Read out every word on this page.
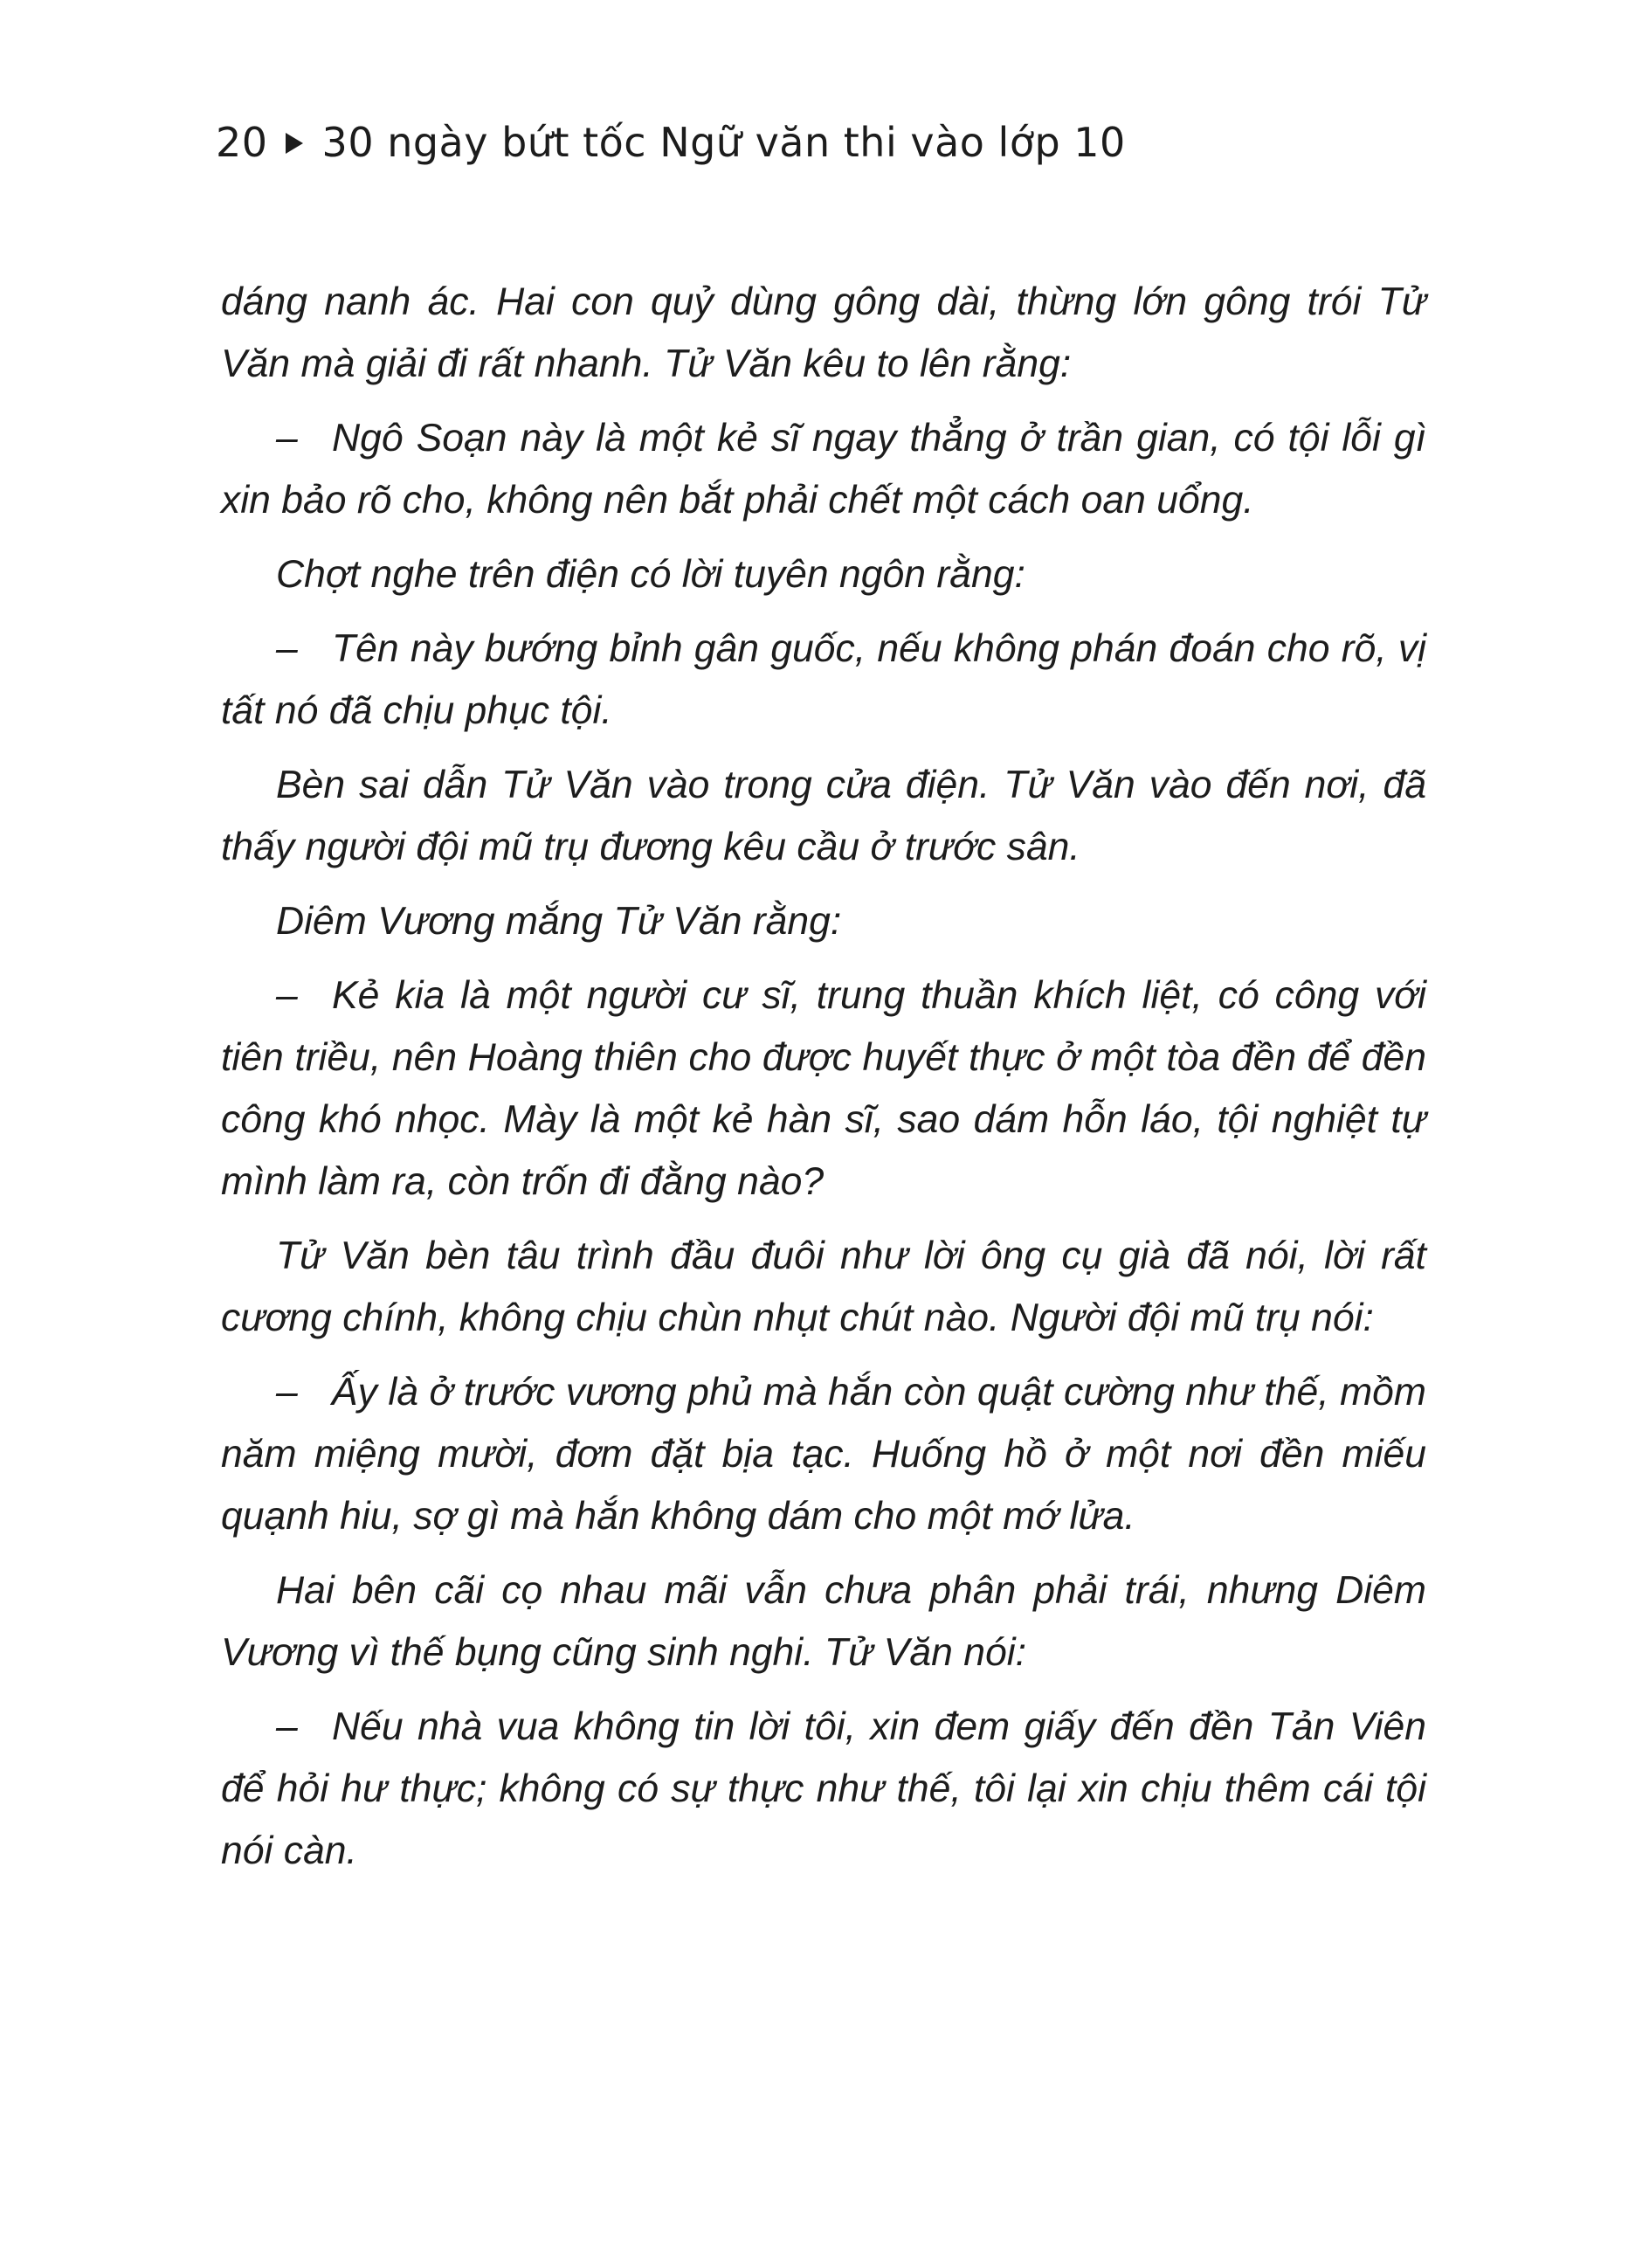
20 30 ngày bứt tốc Ngữ văn thi vào lớp 10

dáng nanh ác. Hai con quỷ dùng gông dài, thừng lớn gông trói Tử Văn mà giải đi rất nhanh. Tử Văn kêu to lên rằng:

– Ngô Soạn này là một kẻ sĩ ngay thẳng ở trần gian, có tội lỗi gì xin bảo rõ cho, không nên bắt phải chết một cách oan uổng.

Chợt nghe trên điện có lời tuyên ngôn rằng:

– Tên này bướng bỉnh gân guốc, nếu không phán đoán cho rõ, vị tất nó đã chịu phục tội.

Bèn sai dẫn Tử Văn vào trong cửa điện. Tử Văn vào đến nơi, đã thấy người đội mũ trụ đương kêu cầu ở trước sân.

Diêm Vương mắng Tử Văn rằng:

– Kẻ kia là một người cư sĩ, trung thuần khích liệt, có công với tiên triều, nên Hoàng thiên cho được huyết thực ở một tòa đền để đền công khó nhọc. Mày là một kẻ hàn sĩ, sao dám hỗn láo, tội nghiệt tự mình làm ra, còn trốn đi đằng nào?

Tử Văn bèn tâu trình đầu đuôi như lời ông cụ già đã nói, lời rất cương chính, không chịu chùn nhụt chút nào. Người đội mũ trụ nói:

– Ấy là ở trước vương phủ mà hắn còn quật cường như thế, mồm năm miệng mười, đơm đặt bịa tạc. Huống hồ ở một nơi đền miếu quạnh hiu, sợ gì mà hắn không dám cho một mớ lửa.

Hai bên cãi cọ nhau mãi vẫn chưa phân phải trái, nhưng Diêm Vương vì thế bụng cũng sinh nghi. Tử Văn nói:

– Nếu nhà vua không tin lời tôi, xin đem giấy đến đền Tản Viên để hỏi hư thực; không có sự thực như thế, tôi lại xin chịu thêm cái tội nói càn.
